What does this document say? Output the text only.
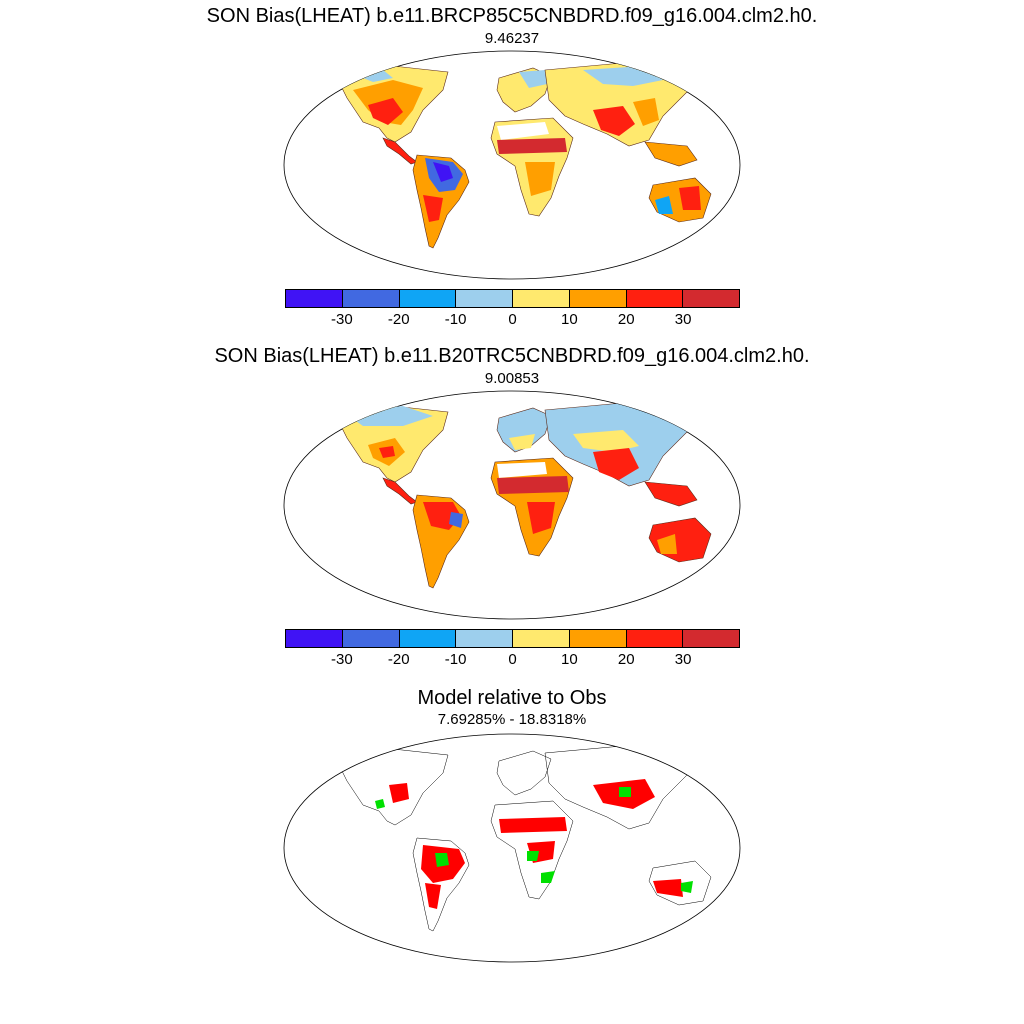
SON Bias(LHEAT) b.e11.BRCP85C5CNBDRD.f09_g16.004.clm2.h0.
9.46237
-30	-20	-10	0	10	20	30
SON Bias(LHEAT) b.e11.B20TRC5CNBDRD.f09_g16.004.clm2.h0.
9.00853
-30	-20	-10	0	10	20	30
Model relative to Obs
7.69285% - 18.8318%
